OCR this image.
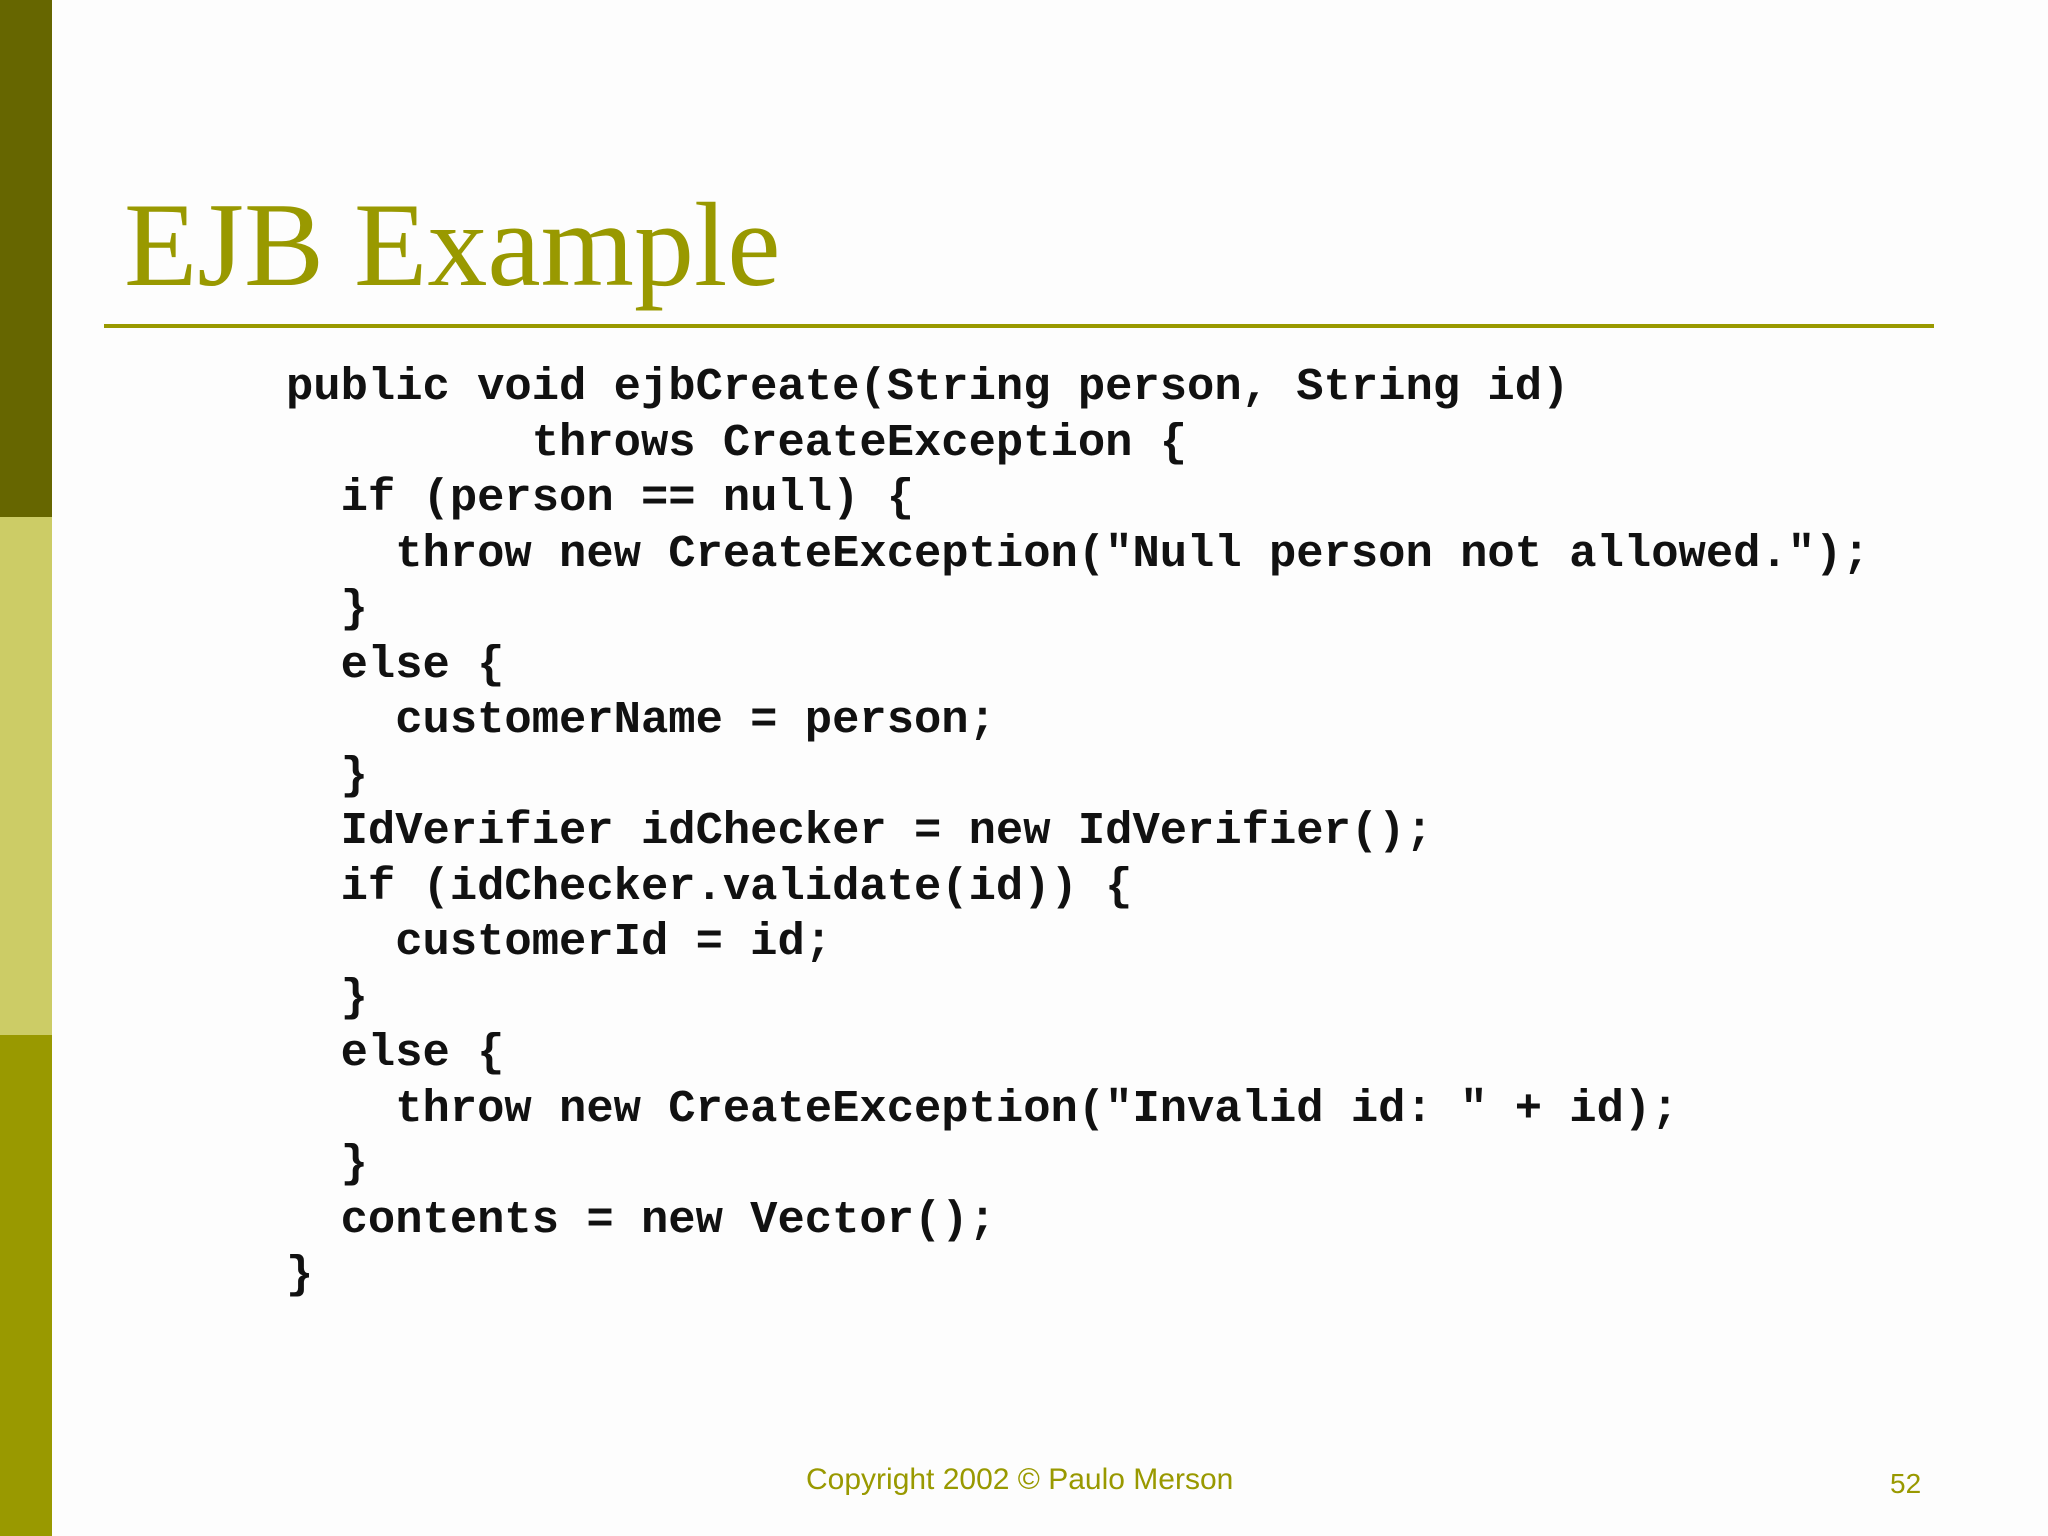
EJB Example
public void ejbCreate(String person, String id)
throws CreateException {
if (person == null) {
throw new CreateException("Null person not allowed.");
}
else {
customerName = person;
}
IdVerifier idChecker = new IdVerifier();
if (idChecker.validate(id)) {
customerId = id;
}
else {
throw new CreateException("Invalid id: " + id);
}
contents = new Vector();
}
Copyright 2002 © Paulo Merson	52
